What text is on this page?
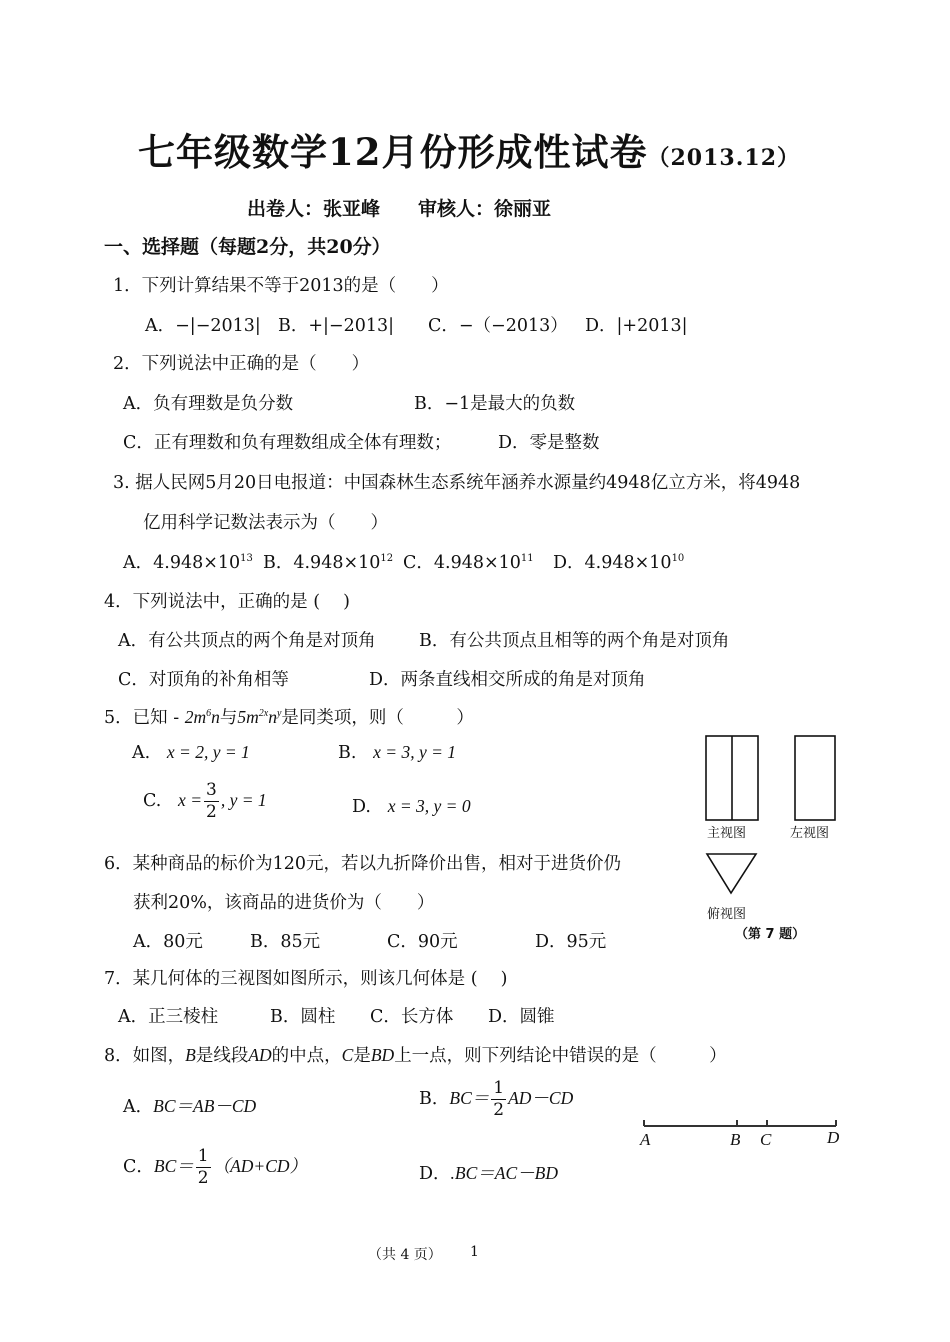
七年级数学12月份形成性试卷（2013.12）
出卷人：张亚峰　　审核人：徐丽亚
一、选择题（每题2分，共20分）
1．下列计算结果不等于2013的是（　　）
A．−|−2013| B．+|−2013| C．−（−2013） D．|+2013|
2．下列说法中正确的是（　　）
A．负有理数是负分数	B．−1是最大的负数
C．正有理数和负有理数组成全体有理数；	D．零是整数
3. 据人民网5月20日电报道：中国森林生态系统年涵养水源量约4948亿立方米，将4948
亿用科学记数法表示为（　　）
A．$4.948\times 10^{13}$ B．$4.948\times 10^{12}$ C．$4.948\times 10^{11}$ D．$4.948\times 10^{10}$
4．下列说法中，正确的是 (　 )
A．有公共顶点的两个角是对顶角 B．有公共顶点且相等的两个角是对顶角
C．对顶角的补角相等	D．两条直线相交所成的角是对顶角
5．已知 - $2m^6n$与$5m^{2x}n^y$是同类项，则（　　　）
A. x = 2, y = 1	B. x = 3, y = 1
C. $x = \frac{3}{2}$ , y = 1	D. x = 3, y = 0
主视图	左视图
俯视图
（第 7 题）
6．某种商品的标价为120元，若以九折降价出售，相对于进货价仍
获利20%，该商品的进货价为（　　）
A．80元	B．85元	C．90元	D．95元
7．某几何体的三视图如图所示，则该几何体是 (　 )
A．正三棱柱	B．圆柱 C．长方体 D．圆锥
8．如图，B是线段AD的中点，C是BD上一点，则下列结论中错误的是（　　　）
A．BC＝AB－CD	B．$BC= \frac{1}{2} AD-CD$
C．$BC= \frac{1}{2} (AD+CD)$	D．.BC＝AC－BD
A	B C	D
（共 4 页） 1
